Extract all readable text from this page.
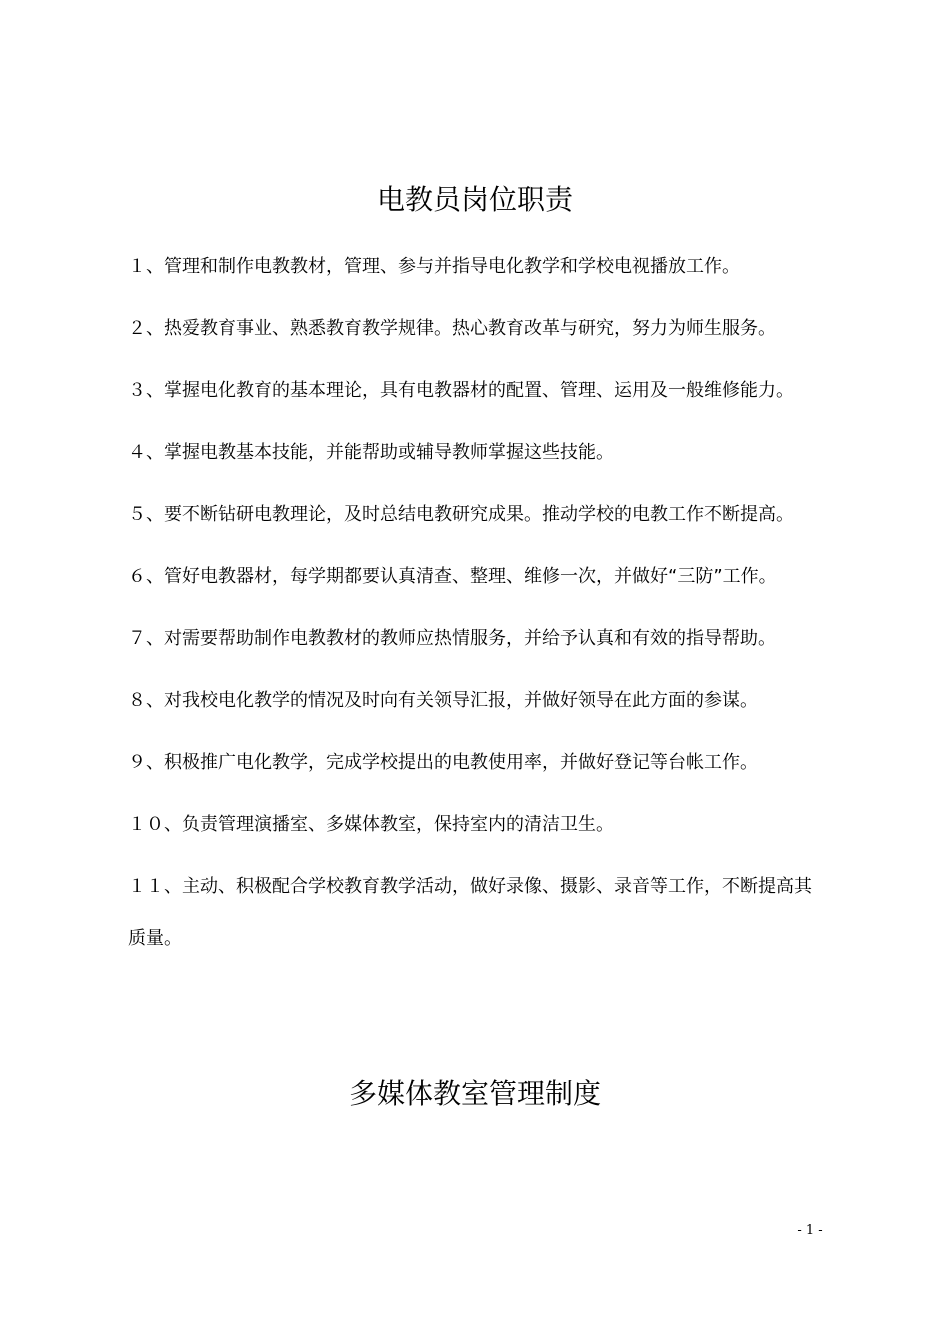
电教员岗位职责
１、管理和制作电教教材，管理、参与并指导电化教学和学校电视播放工作。
２、热爱教育事业、熟悉教育教学规律。热心教育改革与研究，努力为师生服务。
３、掌握电化教育的基本理论，具有电教器材的配置、管理、运用及一般维修能力。
４、掌握电教基本技能，并能帮助或辅导教师掌握这些技能。
５、要不断钻研电教理论，及时总结电教研究成果。推动学校的电教工作不断提高。
６、管好电教器材，每学期都要认真清查、整理、维修一次，并做好“三防”工作。
７、对需要帮助制作电教教材的教师应热情服务，并给予认真和有效的指导帮助。
８、对我校电化教学的情况及时向有关领导汇报，并做好领导在此方面的参谋。
９、积极推广电化教学，完成学校提出的电教使用率，并做好登记等台帐工作。
１０、负责管理演播室、多媒体教室，保持室内的清洁卫生。
１１、主动、积极配合学校教育教学活动，做好录像、摄影、录音等工作，不断提高其质量。
多媒体教室管理制度
- 1 -
